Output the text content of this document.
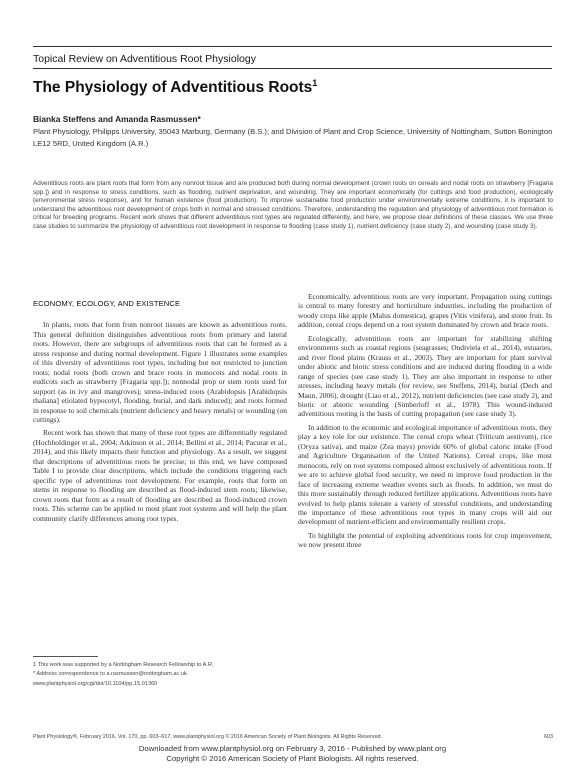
Topical Review on Adventitious Root Physiology
The Physiology of Adventitious Roots$^1$
Bianka Steffens and Amanda Rasmussen*
Plant Physiology, Philipps University, 35043 Marburg, Germany (B.S.); and Division of Plant and Crop Science, University of Nottingham, Sutton Bonington LE12 5RD, United Kingdom (A.R.)
Adventitious roots are plant roots that form from any nonroot tissue and are produced both during normal development (crown roots on cereals and nodal roots on strawberry [Fragaria spp.]) and in response to stress conditions, such as flooding, nutrient deprivation, and wounding. They are important economically (for cuttings and food production), ecologically (environmental stress response), and for human existence (food production). To improve sustainable food production under environmentally extreme conditions, it is important to understand the adventitious root development of crops both in normal and stressed conditions. Therefore, understanding the regulation and physiology of adventitious root formation is critical for breeding programs. Recent work shows that different adventitious root types are regulated differently, and here, we propose clear definitions of these classes. We use three case studies to summarize the physiology of adventitious root development in response to flooding (case study 1), nutrient deficiency (case study 2), and wounding (case study 3).
ECONOMY, ECOLOGY, AND EXISTENCE

In plants, roots that form from nonroot tissues are known as adventitious roots. This general definition distinguishes adventitious roots from primary and lateral roots. However, there are subgroups of adventitious roots that can be formed as a stress response and during normal development. Figure 1 illustrates some examples of this diversity of adventitious root types, including but not restricted to junction roots; nodal roots (both crown and brace roots in monocots and nodal roots in eudicots such as strawberry [Fragaria spp.]); nonnodal prop or stem roots used for support (as in ivy and mangroves); stress-induced roots (Arabidopsis [Arabidopsis thaliana] etiolated hypocotyl, flooding, burial, and dark induced); and roots formed in response to soil chemicals (nutrient deficiency and heavy metals) or wounding (on cuttings).

Recent work has shown that many of these root types are differentially regulated (Hochholdinger et al., 2004; Atkinson et al., 2014; Bellini et al., 2014; Pacurar et al., 2014), and this likely impacts their function and physiology. As a result, we suggest that descriptions of adventitious roots be precise; to this end, we have composed Table I to provide clear descriptions, which include the conditions triggering each specific type of adventitious root development. For example, roots that form on stems in response to flooding are described as flood-induced stem roots; likewise, crown roots that form as a result of flooding are described as flood-induced crown roots. This scheme can be applied to most plant root systems and will help the plant community clarify differences among root types.

Economically, adventitious roots are very important. Propagation using cuttings is central to many forestry and horticulture industries, including the production of woody crops like apple (Malus domestica), grapes (Vitis vinifera), and stone fruit. In addition, cereal crops depend on a root system dominated by crown and brace roots.

Ecologically, adventitious roots are important for stabilizing shifting environments such as coastal regions (seagrasses; Ondiviela et al., 2014), estuaries, and river flood plains (Krauss et al., 2003). They are important for plant survival under abiotic and biotic stress conditions and are induced during flooding in a wide range of species (see case study 1). They are also important in response to other stresses, including heavy metals (for review, see Steffens, 2014), burial (Dech and Maun, 2006), drought (Liao et al., 2012), nutrient deficiencies (see case study 2), and biotic or abiotic wounding (Simberloff et al., 1978). This wound-induced adventitious rooting is the basis of cutting propagation (see case study 3).

In addition to the economic and ecological importance of adventitious roots, they play a key role for our existence. The cereal crops wheat (Triticum aestivum), rice (Oryza sativa), and maize (Zea mays) provide 60% of global caloric intake (Food and Agriculture Organisation of the United Nations). Cereal crops, like most monocots, rely on root systems composed almost exclusively of adventitious roots. If we are to achieve global food security, we need to improve food production in the face of increasing extreme weather events such as floods. In addition, we must do this more sustainably through reduced fertilizer applications. Adventitious roots have evolved to help plants tolerate a variety of stressful conditions, and understanding the importance of these adventitious root types in many crops will aid our development of nutrient-efficient and environmentally resilient crops.

To highlight the potential of exploiting adventitious roots for crop improvement, we now present three

1 This work was supported by a Nottingham Research Fellowship to A.R.
* Address correspondence to a.rasmussen@nottingham.ac.uk.
www.plantphysiol.org/cgi/doi/10.1104/pp.15.01360
Plant Physiology®, February 2016, Vol. 170, pp. 603–617, www.plantphysiol.org © 2016 American Society of Plant Biologists. All Rights Reserved.	603
Downloaded from www.plantphysiol.org on February 3, 2016 - Published by www.plant.org
Copyright © 2016 American Society of Plant Biologists. All rights reserved.
